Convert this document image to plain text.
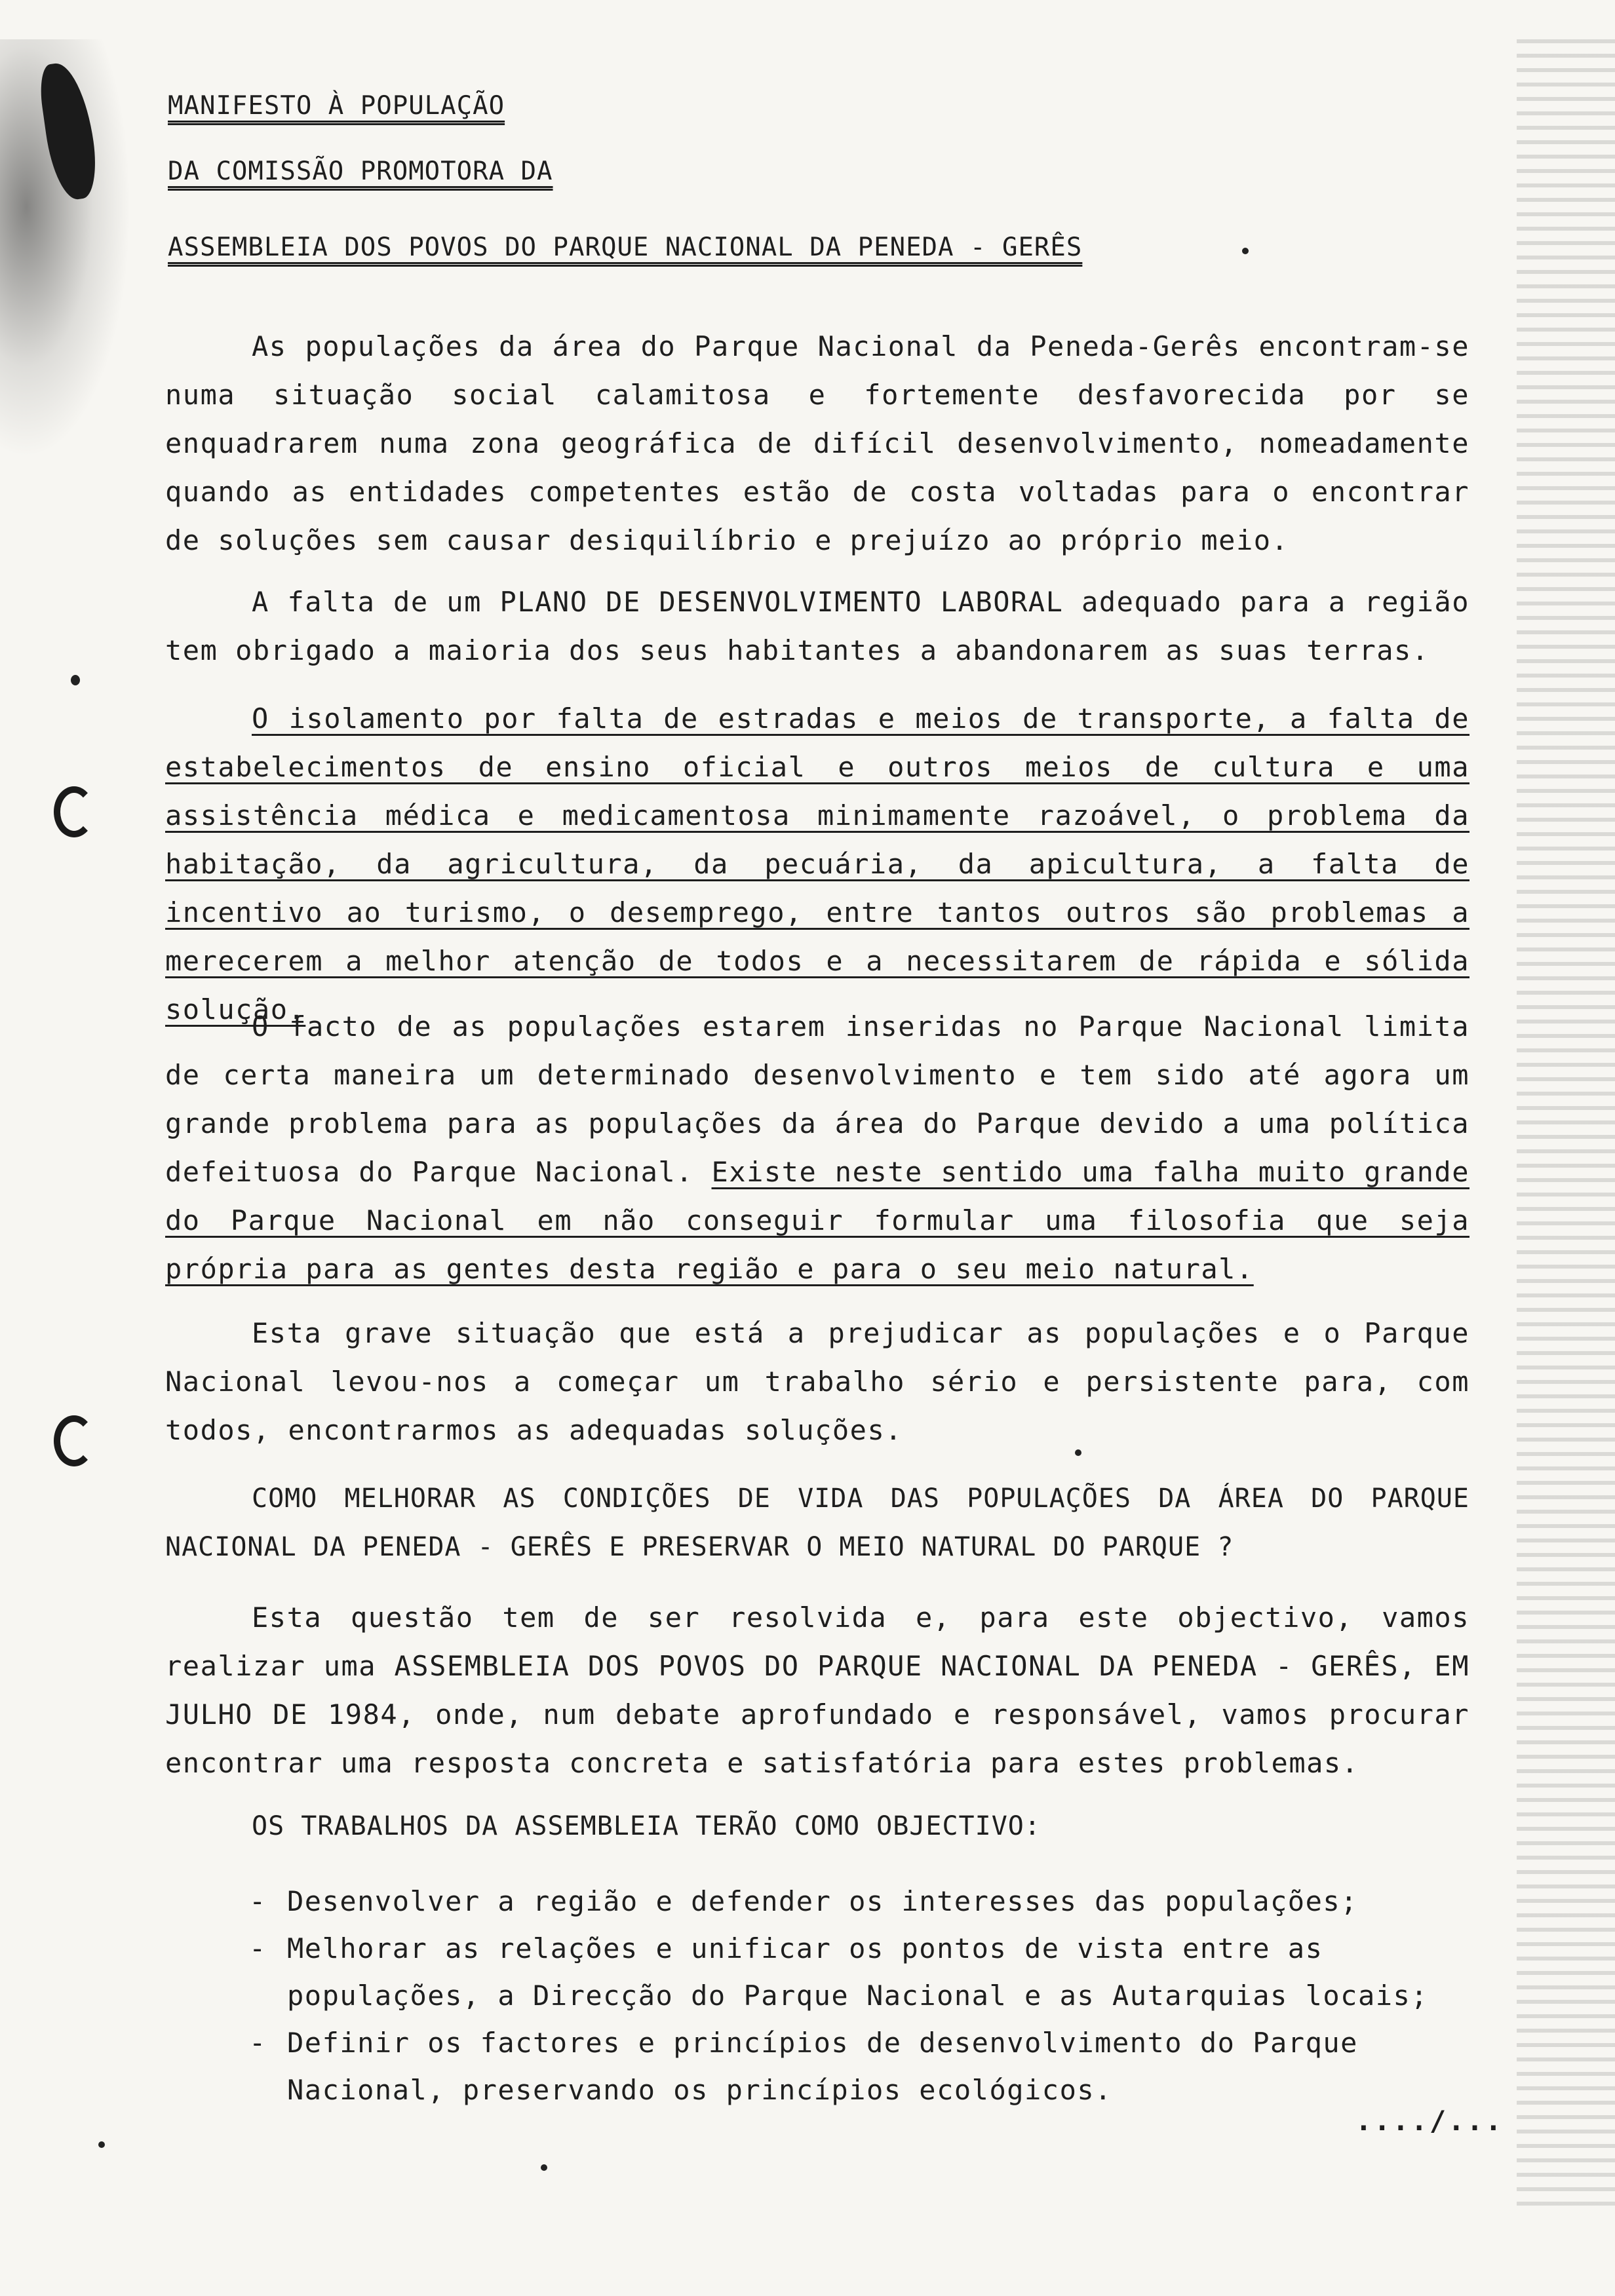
MANIFESTO À POPULAÇÃO
DA COMISSÃO PROMOTORA DA
ASSEMBLEIA DOS POVOS DO PARQUE NACIONAL DA PENEDA - GERÊS
As populações da área do Parque Nacional da Peneda-Gerês encontram-se numa situação social calamitosa e fortemente desfavorecida por se enquadrarem numa zona geográfica de difícil desenvolvimento, nomeadamente quando as entidades competentes estão de costa voltadas para o encontrar de soluções sem causar desiquilíbrio e prejuízo ao próprio meio.
A falta de um PLANO DE DESENVOLVIMENTO LABORAL adequado para a região tem obrigado a maioria dos seus habitantes a abandonarem as suas terras.
O isolamento por falta de estradas e meios de transporte, a falta de estabelecimentos de ensino oficial e outros meios de cultura e uma assistência médica e medicamentosa minimamente razoável, o problema da habitação, da agricultura, da pecuária, da apicultura, a falta de incentivo ao turismo, o desemprego, entre tantos outros são problemas a merecerem a melhor atenção de todos e a necessitarem de rápida e sólida solução.
O facto de as populações estarem inseridas no Parque Nacional limita de certa maneira um determinado desenvolvimento e tem sido até agora um grande problema para as populações da área do Parque devido a uma política defeituosa do Parque Nacional. Existe neste sentido uma falha muito grande do Parque Nacional em não conseguir formular uma filosofia que seja própria para as gentes desta região e para o seu meio natural.
Esta grave situação que está a prejudicar as populações e o Parque Nacional levou-nos a começar um trabalho sério e persistente para, com todos, encontrarmos as adequadas soluções.
COMO MELHORAR AS CONDIÇÕES DE VIDA DAS POPULAÇÕES DA ÁREA DO PARQUE NACIONAL DA PENEDA - GERÊS E PRESERVAR O MEIO NATURAL DO PARQUE ?
Esta questão tem de ser resolvida e, para este objectivo, vamos realizar uma ASSEMBLEIA DOS POVOS DO PARQUE NACIONAL DA PENEDA - GERÊS, EM JULHO DE 1984, onde, num debate aprofundado e responsável, vamos procurar encontrar uma resposta concreta e satisfatória para estes problemas.
OS TRABALHOS DA ASSEMBLEIA TERÃO COMO OBJECTIVO:
- Desenvolver a região e defender os interesses das populações;
- Melhorar as relações e unificar os pontos de vista entre as populações, a Direcção do Parque Nacional e as Autarquias locais;
- Definir os factores e princípios de desenvolvimento do Parque Nacional, preservando os princípios ecológicos.
..../...
